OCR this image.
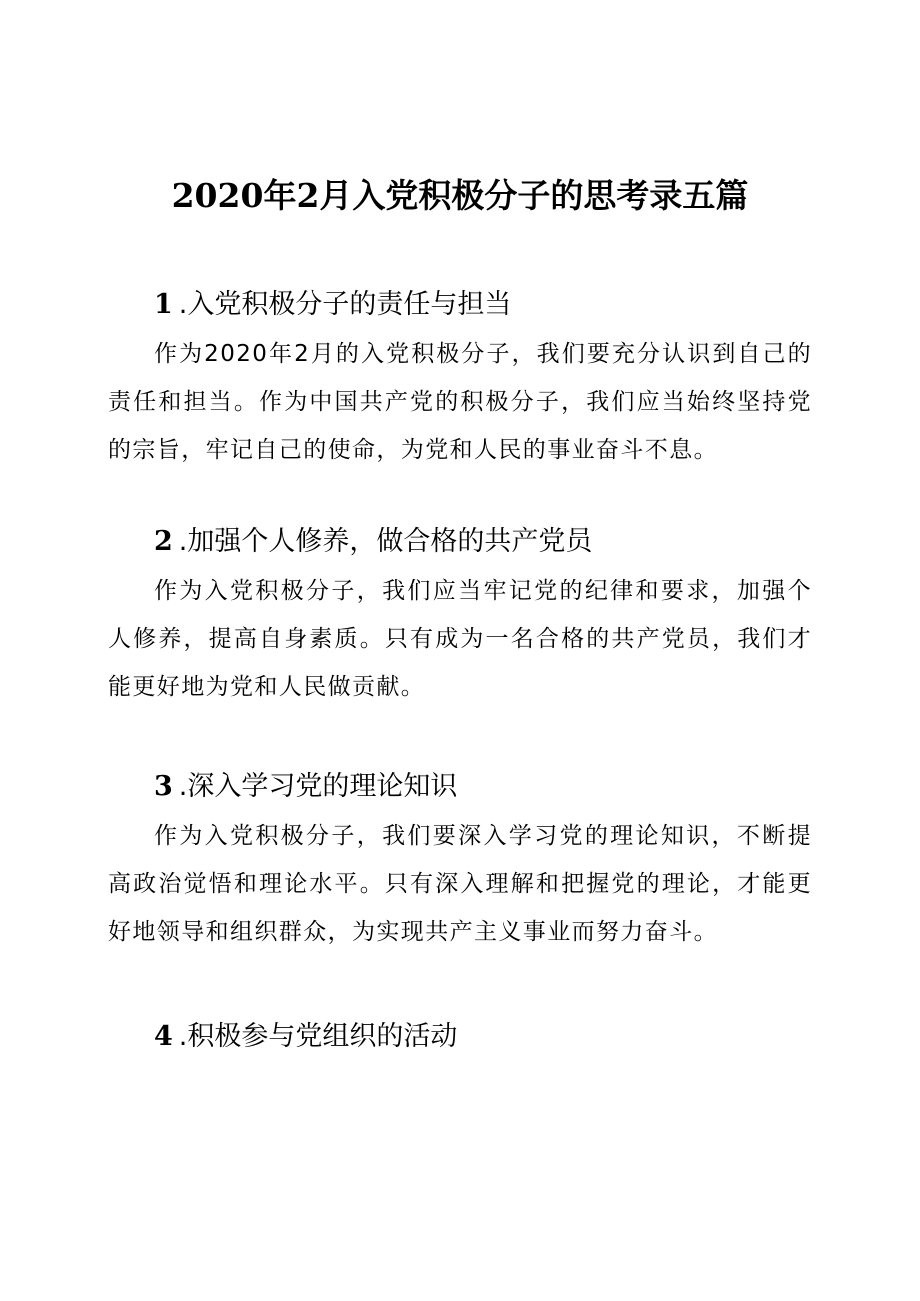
2020年2月入党积极分子的思考录五篇
1 .入党积极分子的责任与担当

作为2020年2月的入党积极分子，我们要充分认识到自己的责任和担当。作为中国共产党的积极分子，我们应当始终坚持党的宗旨，牢记自己的使命，为党和人民的事业奋斗不息。

2 .加强个人修养，做合格的共产党员

作为入党积极分子，我们应当牢记党的纪律和要求，加强个人修养，提高自身素质。只有成为一名合格的共产党员，我们才能更好地为党和人民做贡献。

3 .深入学习党的理论知识

作为入党积极分子，我们要深入学习党的理论知识，不断提高政治觉悟和理论水平。只有深入理解和把握党的理论，才能更好地领导和组织群众，为实现共产主义事业而努力奋斗。

4 .积极参与党组织的活动
